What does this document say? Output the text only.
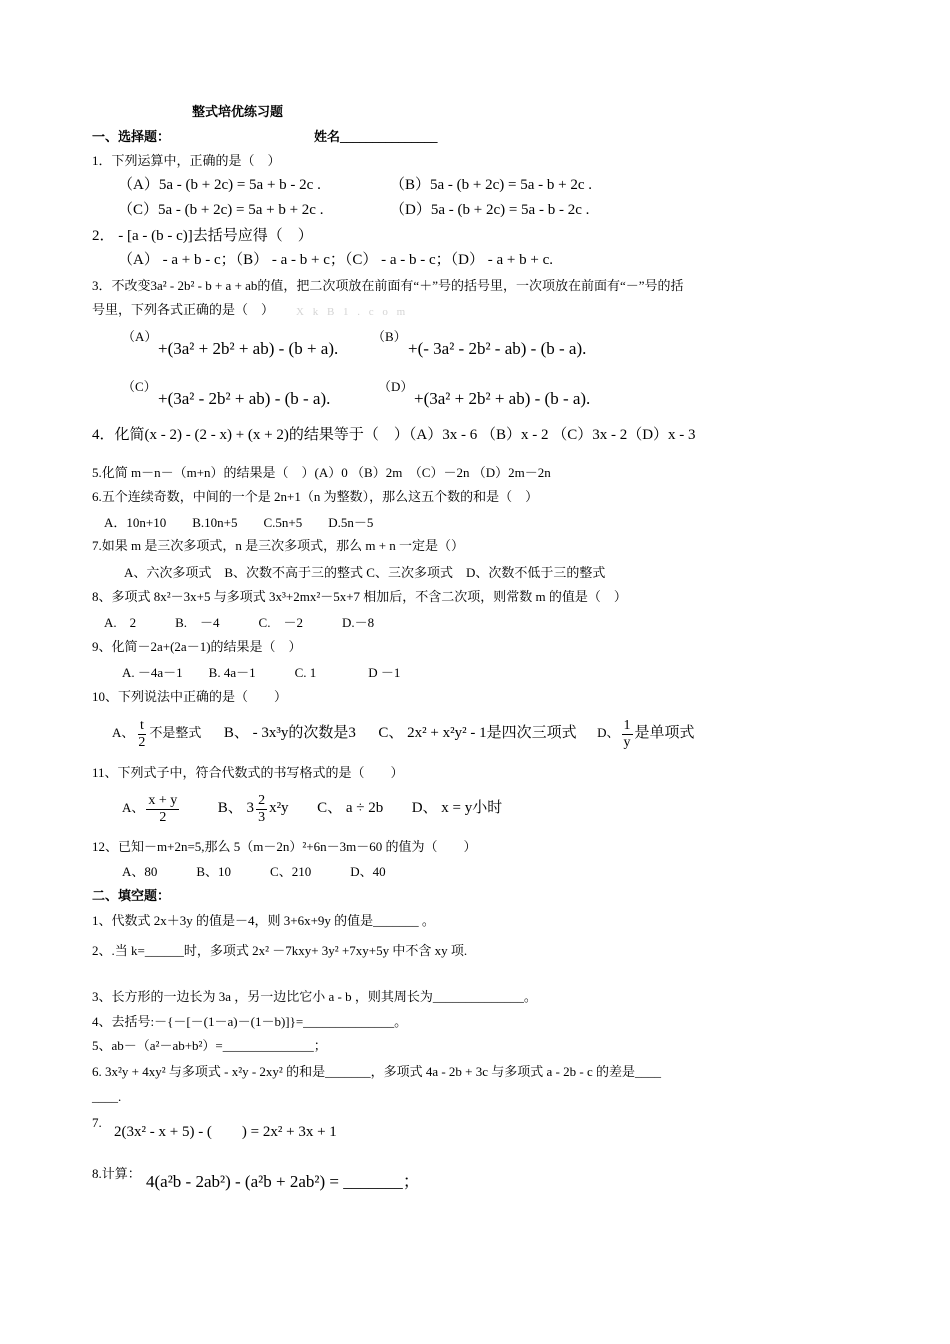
整式培优练习题
一、选择题：	姓名_______________
1．下列运算中，正确的是（　）
（A）5a - (b + 2c) = 5a + b - 2c .	（B）5a - (b + 2c) = 5a - b + 2c .
（C）5a - (b + 2c) = 5a + b + 2c .	（D）5a - (b + 2c) = 5a - b - 2c .
2． - [a - (b - c)]去括号应得（　）
（A） - a + b - c；（B） - a - b + c；（C） - a - b - c；（D） - a + b + c.
3．不改变3a² - 2b² - b + a + ab的值，把二次项放在前面有“＋”号的括号里，一次项放在前面有“－”号的括
号里，下列各式正确的是（　） X k B 1 . c o m
（A）
+(3a² + 2b² + ab) - (b + a).
（B）
+(- 3a² - 2b² - ab) - (b - a).
（C）
+(3a² - 2b² + ab) - (b - a).
（D）
+(3a² + 2b² + ab) - (b - a).
4．化简(x - 2) - (2 - x) + (x + 2)的结果等于（　）（A）3x - 6 （B）x - 2 （C）3x - 2（D）x - 3
5.化简 m－n－（m+n）的结果是（　）(A）0 （B）2m　（C）－2n （D）2m－2n
6.五个连续奇数，中间的一个是 2n+1（n 为整数），那么这五个数的和是（　）
A．10n+10　　B.10n+5　　C.5n+5　　D.5n－5
7.如果 m 是三次多项式，n 是三次多项式，那么 m + n 一定是（）
A、六次多项式　B、次数不高于三的整式 C、三次多项式　D、次数不低于三的整式
8、多项式 8x²－3x+5 与多项式 3x³+2mx²－5x+7 相加后，不含二次项，则常数 m 的值是（　）
A.　2　　　B.　－4　　　C.　－2　　　D.－8
9、化简－2a+(2a－1)的结果是（　）
A. －4a－1　　B. 4a－1　　　C. 1　　　　D －1
10、下列说法中正确的是（　　）
A、 $\frac{t}{2}$ 不是整式 B、 - 3x³y的次数是3 C、 2x² + x²y² - 1是四次三项式 D、 $\frac{1}{y}$ 是单项式
11、下列式子中，符合代数式的书写格式的是（　　）
A、 $\frac{x + y}{2}$	B、 $3 \frac{2}{3} x^2y$ C、 a ÷ 2b D、 x = y小时
12、已知－m+2n=5,那么 5（m－2n）²+6n－3m－60 的值为（　　）
A、80　　　B、10　　　C、210　　　D、40
二、填空题：
1、代数式 2x＋3y 的值是－4，则 3+6x+9y 的值是_______ 。
2、.当 k=______时，多项式 2x² －7kxy+ 3y² +7xy+5y 中不含 xy 项.
3、长方形的一边长为 3a ，另一边比它小 a - b ，则其周长为______________。
4、去括号:－{－[－(1－a)－(1－b)]}=______________。
5、ab－（a²－ab+b²）=______________；
6. 3x²y + 4xy² 与多项式 - x²y - 2xy² 的和是_______，多项式 4a - 2b + 3c 与多项式 a - 2b - c 的差是____
____.
7.
2(3x² - x + 5) - (　　) = 2x² + 3x + 1
8.计算： 4(a²b - 2ab²) - (a²b + 2ab²) = _______；
